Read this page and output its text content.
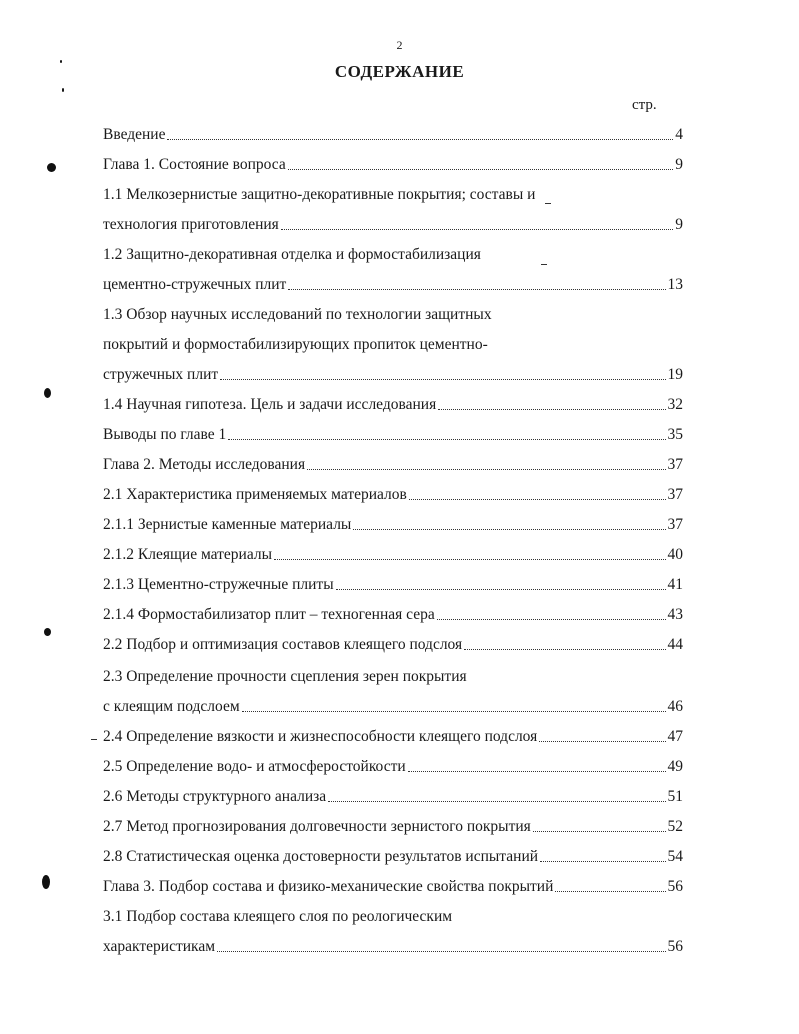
2
СОДЕРЖАНИЕ
стр.
Введение	4
Глава 1. Состояние вопроса	9
1.1 Мелкозернистые защитно-декоративные покрытия; составы и
технология приготовления	9
1.2 Защитно-декоративная отделка и формостабилизация
цементно-стружечных плит	13
1.3 Обзор научных исследований по технологии защитных
покрытий и формостабилизирующих пропиток цементно-
стружечных плит	19
1.4 Научная гипотеза. Цель и задачи исследования	32
Выводы по главе 1	35
Глава 2. Методы исследования	37
2.1 Характеристика применяемых материалов	37
2.1.1 Зернистые каменные материалы	37
2.1.2 Клеящие материалы	40
2.1.3 Цементно-стружечные плиты	41
2.1.4 Формостабилизатор плит – техногенная сера	43
2.2 Подбор и оптимизация составов клеящего подслоя	44
2.3 Определение прочности сцепления зерен покрытия
с клеящим подслоем	46
2.4 Определение вязкости и жизнеспособности клеящего подслоя	47
2.5 Определение водо- и атмосферостойкости	49
2.6 Методы структурного анализа	51
2.7 Метод прогнозирования долговечности зернистого покрытия	52
2.8 Статистическая оценка достоверности результатов испытаний	54
Глава 3. Подбор состава и физико-механические свойства покрытий	56
3.1 Подбор состава клеящего слоя по реологическим
характеристикам	56
